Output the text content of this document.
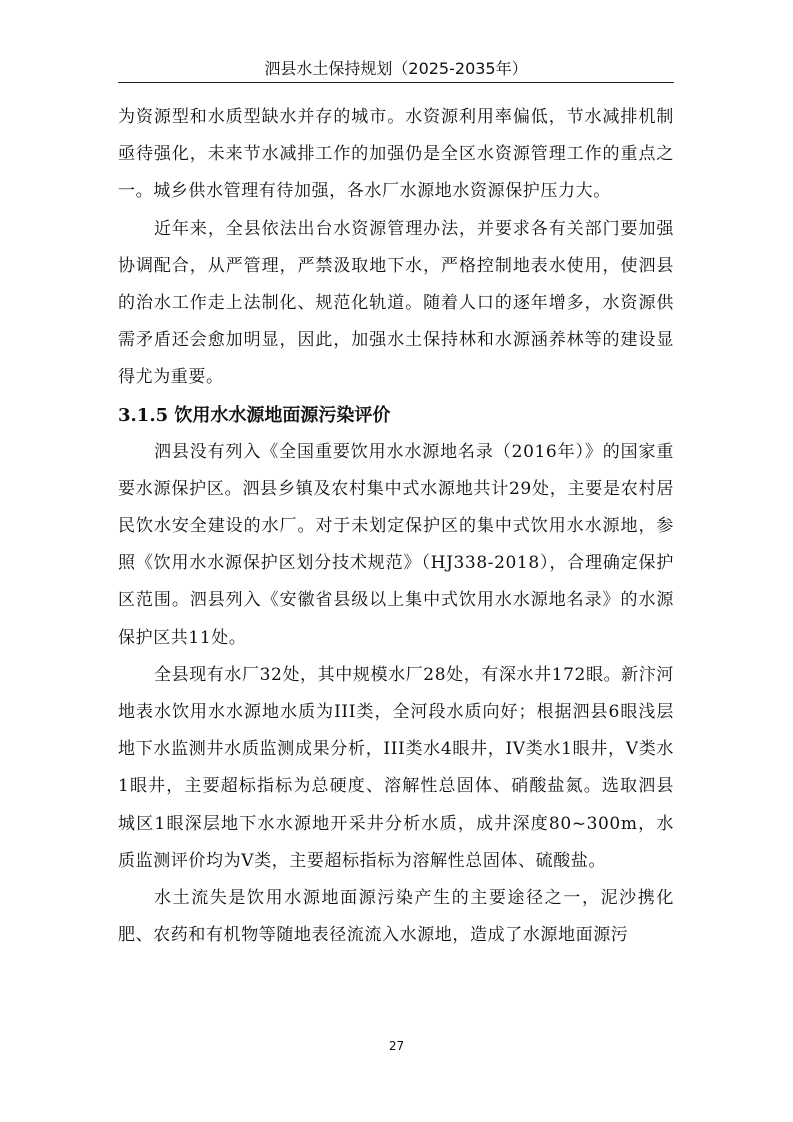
泗县水土保持规划（2025-2035年）

为资源型和水质型缺水并存的城市。水资源利用率偏低，节水减排机制亟待强化，未来节水减排工作的加强仍是全区水资源管理工作的重点之一。城乡供水管理有待加强，各水厂水源地水资源保护压力大。

近年来，全县依法出台水资源管理办法，并要求各有关部门要加强协调配合，从严管理，严禁汲取地下水，严格控制地表水使用，使泗县的治水工作走上法制化、规范化轨道。随着人口的逐年增多，水资源供需矛盾还会愈加明显，因此，加强水土保持林和水源涵养林等的建设显得尤为重要。

3.1.5 饮用水水源地面源污染评价

泗县没有列入《全国重要饮用水水源地名录（2016年）》的国家重要水源保护区。泗县乡镇及农村集中式水源地共计29处，主要是农村居民饮水安全建设的水厂。对于未划定保护区的集中式饮用水水源地，参照《饮用水水源保护区划分技术规范》（HJ338-2018），合理确定保护区范围。泗县列入《安徽省县级以上集中式饮用水水源地名录》的水源保护区共11处。

全县现有水厂32处，其中规模水厂28处，有深水井172眼。新汴河地表水饮用水水源地水质为III类，全河段水质向好；根据泗县6眼浅层地下水监测井水质监测成果分析，III类水4眼井，IV类水1眼井，V类水1眼井，主要超标指标为总硬度、溶解性总固体、硝酸盐氮。选取泗县城区1眼深层地下水水源地开采井分析水质，成井深度80~300m，水质监测评价均为V类，主要超标指标为溶解性总固体、硫酸盐。

水土流失是饮用水源地面源污染产生的主要途径之一，泥沙携化肥、农药和有机物等随地表径流流入水源地，造成了水源地面源污

27
